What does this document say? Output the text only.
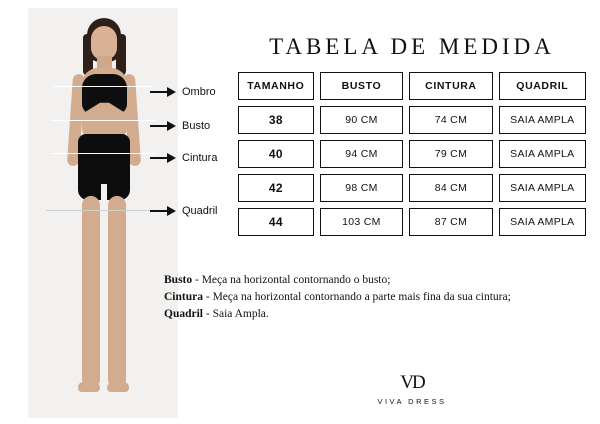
Ombro
Busto
Cintura
Quadril
TABELA DE MEDIDA
TAMANHO	BUSTO	CINTURA	QUADRIL
38	90 CM	74 CM	SAIA AMPLA
40	94 CM	79 CM	SAIA AMPLA
42	98 CM	84 CM	SAIA AMPLA
44	103 CM	87 CM	SAIA AMPLA
Busto - Meça na horizontal contornando o busto;
Cintura - Meça na horizontal contornando a parte mais fina da sua cintura;
Quadril - Saia Ampla.
VD
VIVA DRESS
